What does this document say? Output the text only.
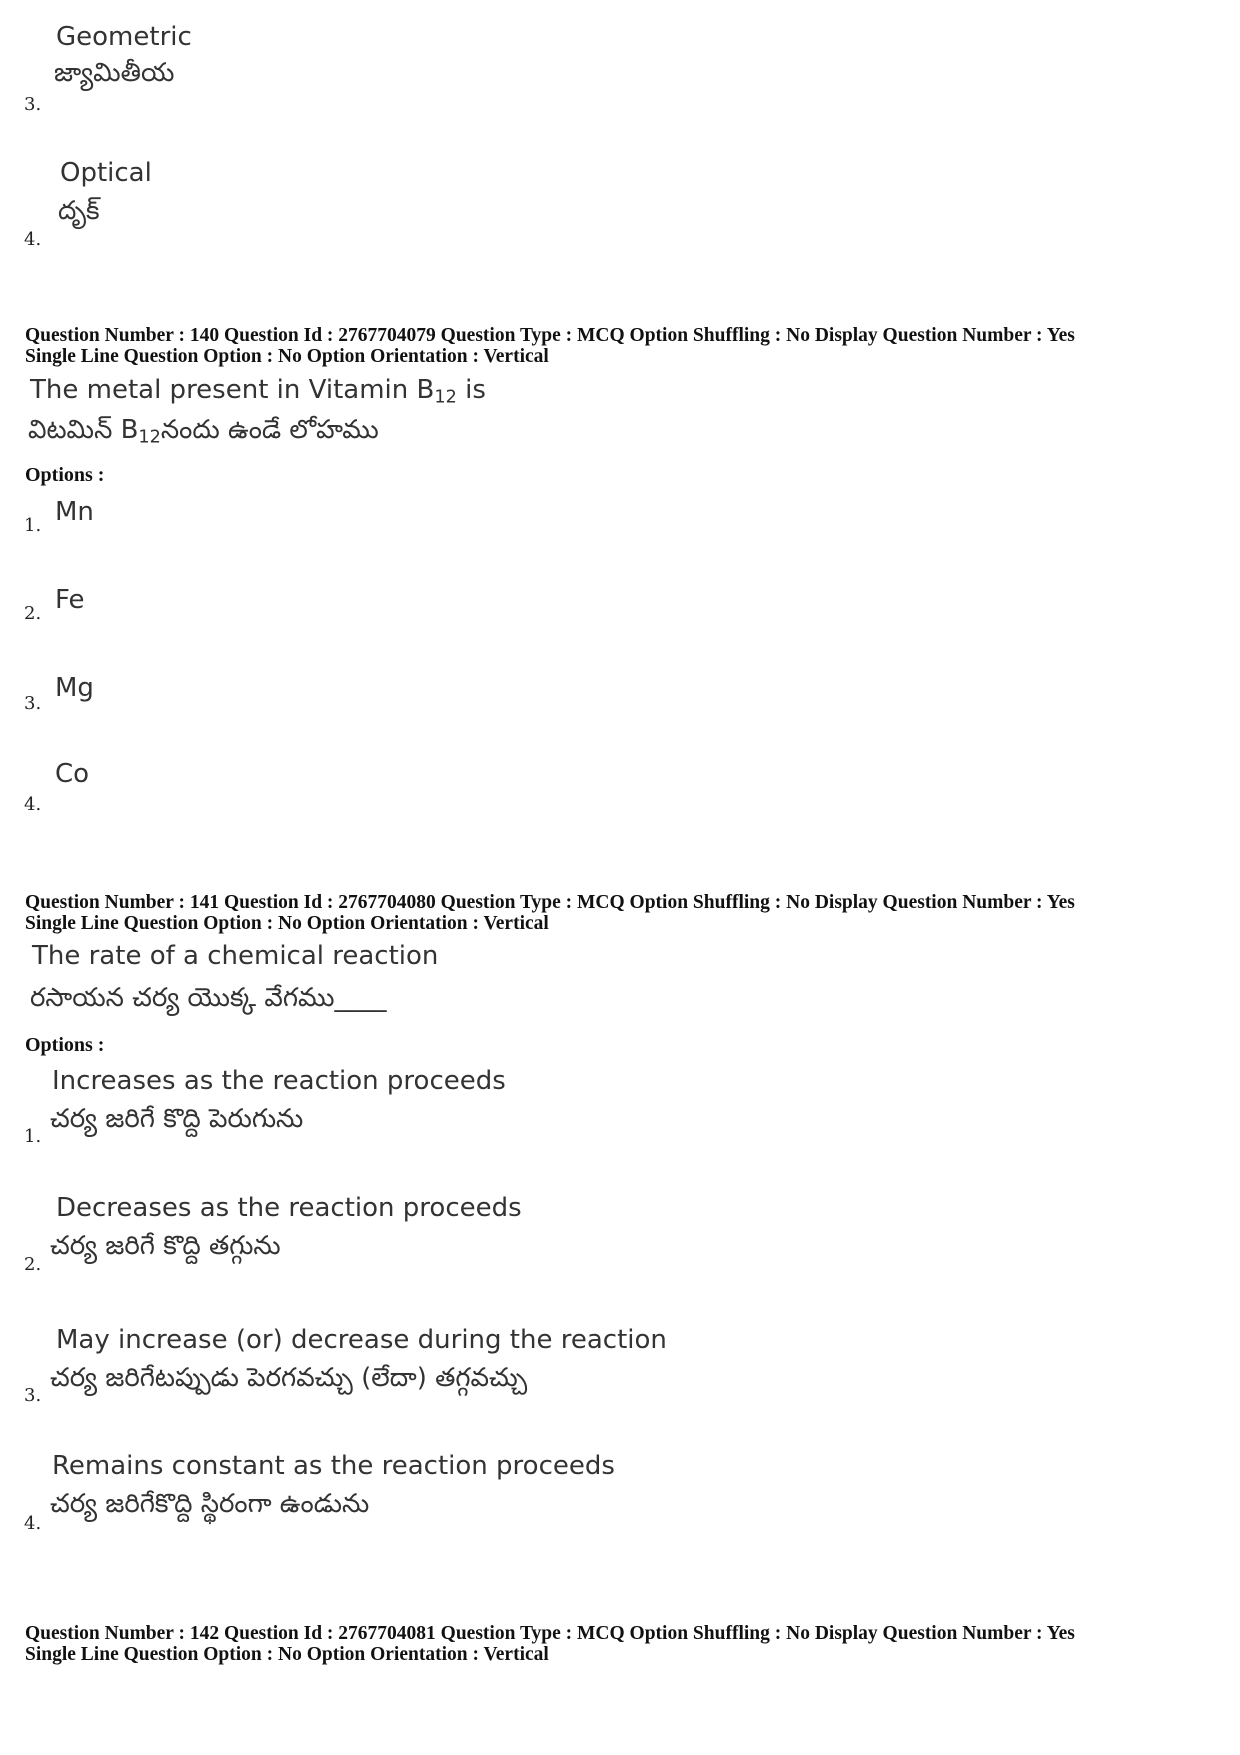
Geometric
జ్యామితీయ
3.
Optical
దృక్
4.
Question Number : 140 Question Id : 2767704079 Question Type : MCQ Option Shuffling : No Display Question Number : Yes
Single Line Question Option : No Option Orientation : Vertical
The metal present in Vitamin $B_{12}$ is
విటమిన్ $B_{12}నందు$ ఉండే లోహము
Options :
1. Mn
2. Fe
3.
Mg
4.
Co
Question Number : 141 Question Id : 2767704080 Question Type : MCQ Option Shuffling : No Display Question Number : Yes
Single Line Question Option : No Option Orientation : Vertical
The rate of a chemical reaction
రసాయన చర్య యొక్క వేగము____
Options :
Increases as the reaction proceeds
చర్య జరిగే కొద్ది పెరుగును
1.
Decreases as the reaction proceeds
చర్య జరిగే కొద్ది తగ్గును
2.
May increase (or) decrease during the reaction
చర్య జరిగేటప్పుడు పెరగవచ్చు (లేదా) తగ్గవచ్చు
3.
Remains constant as the reaction proceeds
చర్య జరిగేకొద్ది స్థిరంగా ఉండును
4.
Question Number : 142 Question Id : 2767704081 Question Type : MCQ Option Shuffling : No Display Question Number : Yes
Single Line Question Option : No Option Orientation : Vertical
